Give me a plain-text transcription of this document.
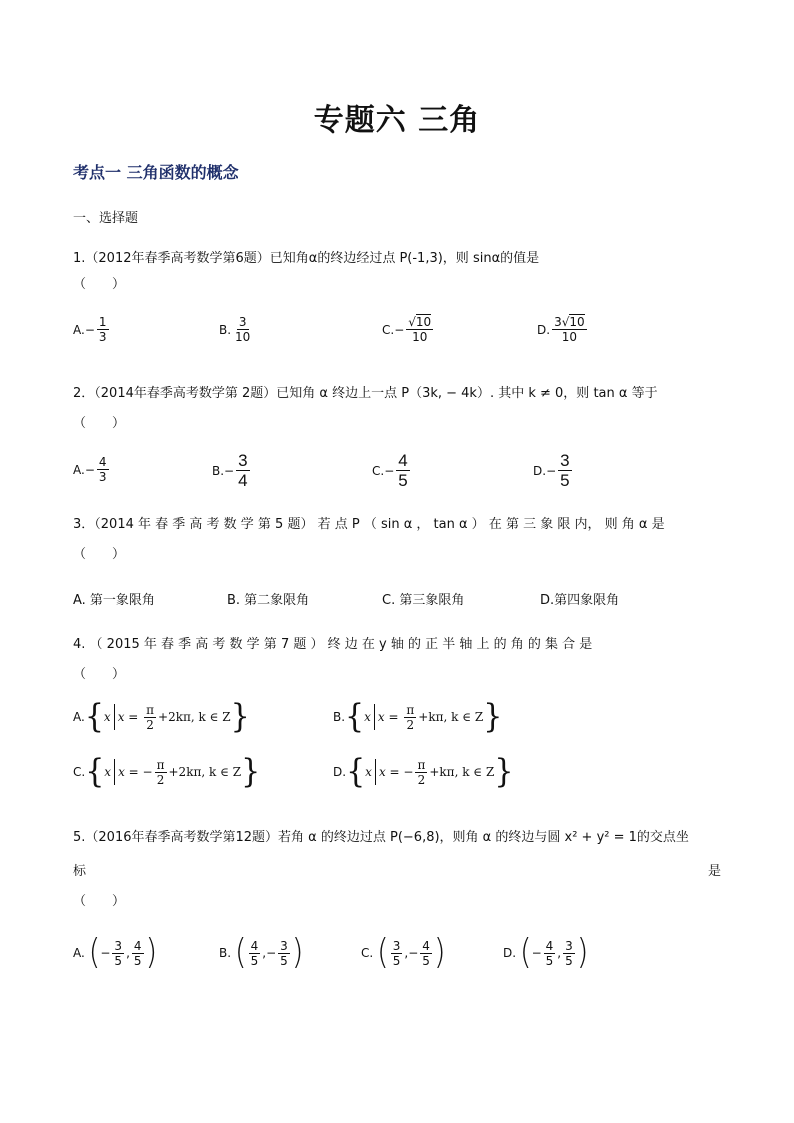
专题六 三角
考点一 三角函数的概念
一、选择题
1.（2012年春季高考数学第6题）已知角α的终边经过点 P(-1,3)，则 sinα的值是
（　　）
A. − $\frac{1}{3}$	B. $\frac{3}{10}$	C. − $\frac{√10}{10}$	D. $\frac{3√10}{10}$
2．（2014年春季高考数学第 2题）已知角 α 终边上一点 P（3k, − 4k）. 其中 k ≠ 0，则 tan α 等于
（　　）
A. − $\frac{4}{3}$	B. − $\frac{3}{4}$	C. − $\frac{4}{5}$	D. − $\frac{3}{5}$
3．（2014 年 春 季 高 考 数 学 第 5 题） 若 点 P （ sin α ， tan α ） 在 第 三 象 限 内， 则 角 α 是
（　　）
A. 第一象限角	B. 第二象限角	C. 第三象限角	D.第四象限角
4. （ 2015 年 春 季 高 考 数 学 第 7 题 ） 终 边 在 y 轴 的 正 半 轴 上 的 角 的 集 合 是
（　　）
A. { x $x = \frac{\pi}{2} +2k\pi$, k ∈ Z }	B. { x $x = \frac{\pi}{2} +k\pi$, k ∈ Z }
C. { x x = − $\frac{\pi}{2} +2k\pi$, k ∈ Z }	D. { x x = − $\frac{\pi}{2} +k\pi$, k ∈ Z }
5.（2016年春季高考数学第12题）若角 α 的终边过点 P(−6,8)，则角 α 的终边与圆 x² + y² = 1的交点坐
标	是
（　　）
A. ( − $\frac{3}{5}$ , $\frac{4}{5}$ )	B. ( $\frac{4}{5}$ , − $\frac{3}{5}$ )	C. ( $\frac{3}{5}$ , − $\frac{4}{5}$ )	D. ( − $\frac{4}{5}$ , $\frac{3}{5}$ )
